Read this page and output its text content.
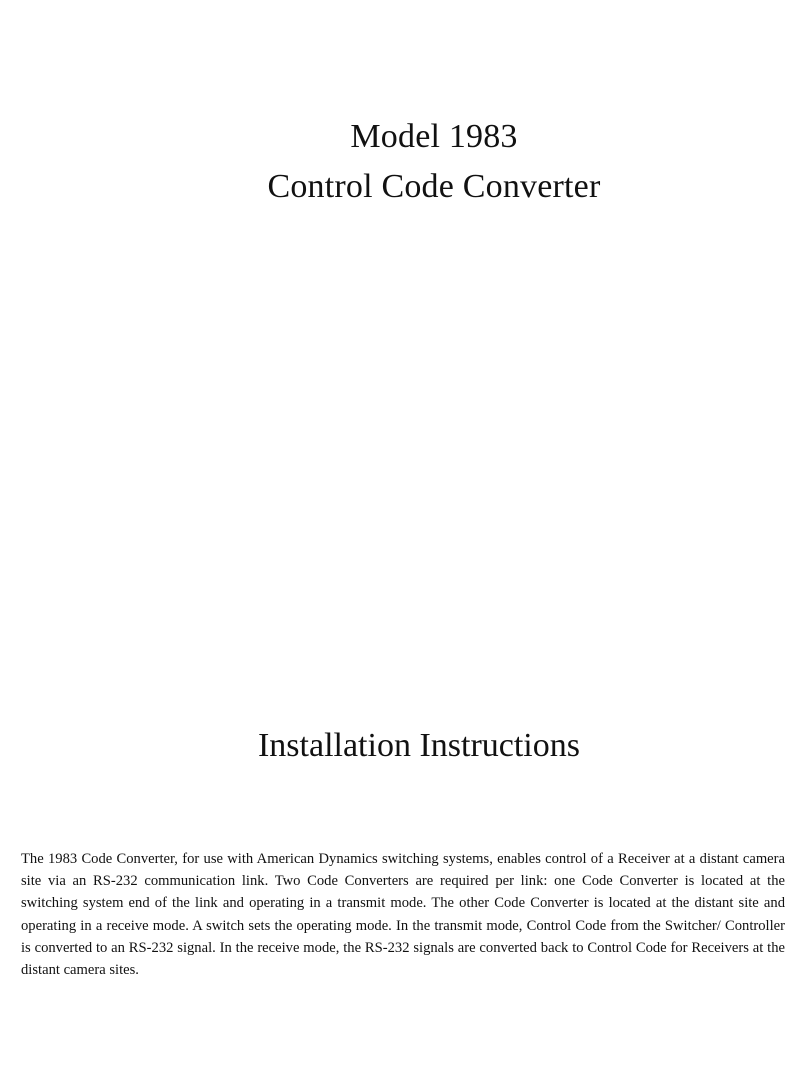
Model 1983
Control Code Converter
Installation Instructions

The 1983 Code Converter, for use with American Dynamics switching systems, enables control of a Receiver at a distant camera site via an RS-232 communication link. Two Code Converters are required per link: one Code Converter is located at the switching system end of the link and operating in a transmit mode. The other Code Converter is located at the distant site and operating in a receive mode. A switch sets the operating mode. In the transmit mode, Control Code from the Switcher/ Controller is converted to an RS-232 signal. In the receive mode, the RS-232 signals are converted back to Control Code for Receivers at the distant camera sites.
